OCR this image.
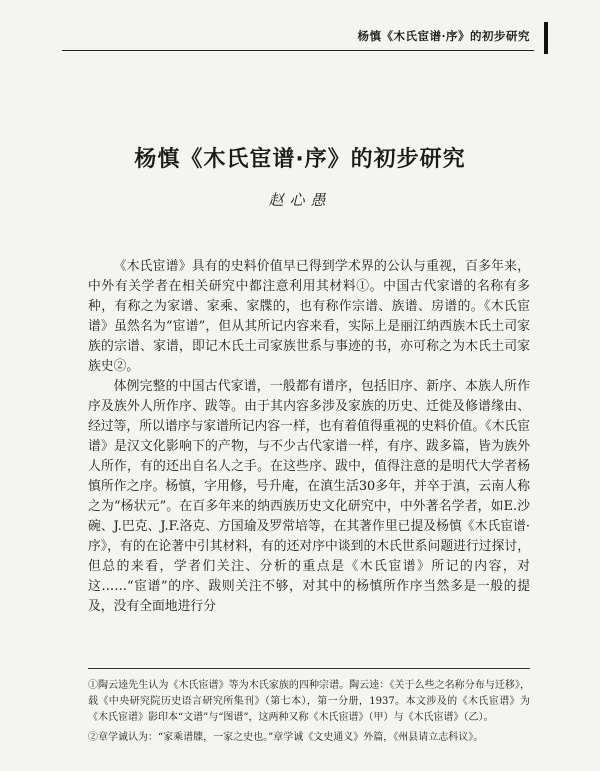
杨慎《木氏宦谱·序》的初步研究
杨慎《木氏宦谱·序》的初步研究
赵心愚

《木氏宦谱》具有的史料价值早已得到学术界的公认与重视，百多年来，中外有关学者在相关研究中都注意利用其材料①。中国古代家谱的名称有多种，有称之为家谱、家乘、家牒的，也有称作宗谱、族谱、房谱的。《木氏宦谱》虽然名为“宦谱”，但从其所记内容来看，实际上是丽江纳西族木氏土司家族的宗谱、家谱，即记木氏土司家族世系与事迹的书，亦可称之为木氏土司家族史②。

体例完整的中国古代家谱，一般都有谱序，包括旧序、新序、本族人所作序及族外人所作序、跋等。由于其内容多涉及家族的历史、迁徙及修谱缘由、经过等，所以谱序与家谱所记内容一样，也有着值得重视的史料价值。《木氏宦谱》是汉文化影响下的产物，与不少古代家谱一样，有序、跋多篇，皆为族外人所作，有的还出自名人之手。在这些序、跋中，值得注意的是明代大学者杨慎所作之序。杨慎，字用修，号升庵，在滇生活30多年，并卒于滇，云南人称之为“杨状元”。在百多年来的纳西族历史文化研究中，中外著名学者，如E.沙碗、J.巴克、J.F.洛克、方国瑜及罗常培等，在其著作里已提及杨慎《木氏宦谱·序》，有的在论著中引其材料，有的还对序中谈到的木氏世系问题进行过探讨，但总的来看，学者们关注、分析的重点是《木氏宦谱》所记的内容，对这……“宦谱”的序、跋则关注不够，对其中的杨慎所作序当然多是一般的提及，没有全面地进行分

①陶云逵先生认为《木氏宦谱》等为木氏家族的四种宗谱。陶云逵：《关于么些之名称分布与迁移》，载《中央研究院历史语言研究所集刊》（第七本），第一分册，1937。本文涉及的《木氏宦谱》为《木氏宦谱》影印本“文谱”与“图谱”，这两种又称《木氏宦谱》（甲）与《木氏宦谱》（乙）。

②章学诚认为：“家乘谱牒，一家之史也。”章学诚《文史通义》外篇，《州县请立志科议》。
